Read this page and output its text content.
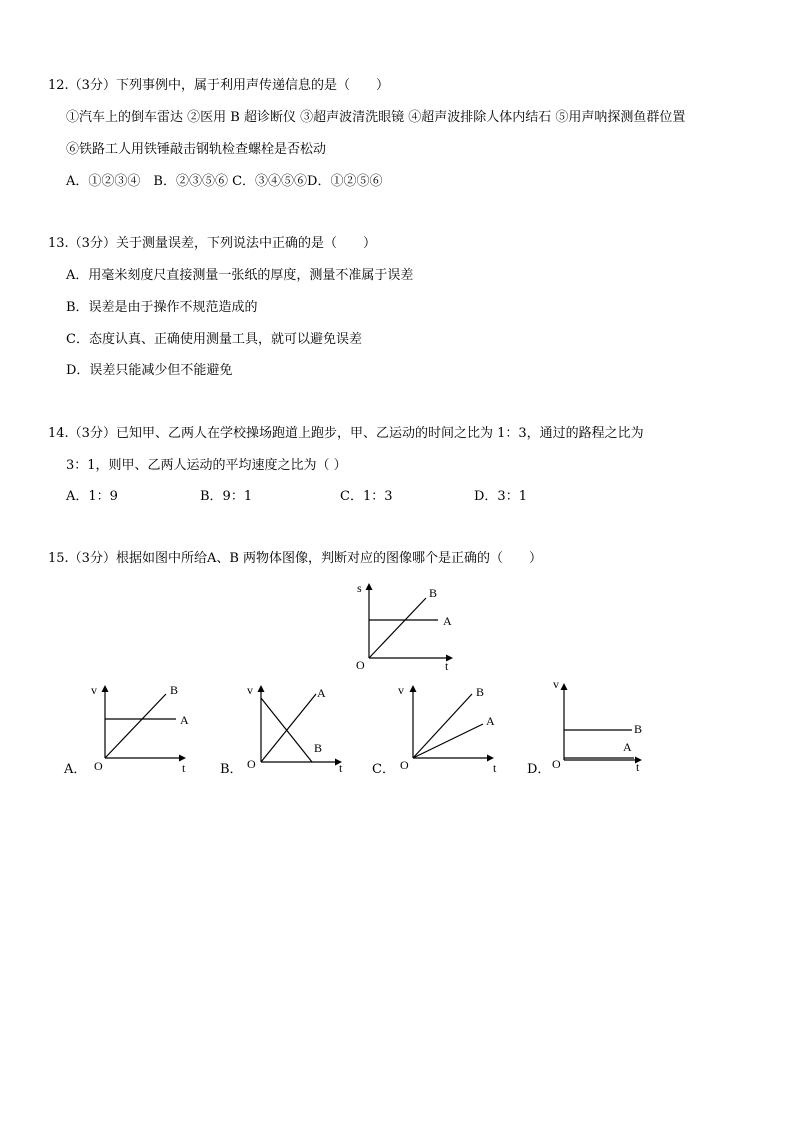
12.（3分）下列事例中，属于利用声传递信息的是（　　）
①汽车上的倒车雷达 ②医用 B 超诊断仪 ③超声波清洗眼镜 ④超声波排除人体内结石 ⑤用声呐探测鱼群位置
⑥铁路工人用铁锤敲击钢轨检查螺栓是否松动
A．①②③④　B．②③⑤⑥ C．③④⑤⑥D．①②⑤⑥
13.（3分）关于测量误差，下列说法中正确的是（　　）
A．用毫米刻度尺直接测量一张纸的厚度，测量不准属于误差
B．误差是由于操作不规范造成的
C．态度认真、正确使用测量工具，就可以避免误差
D．误差只能减少但不能避免
14.（3分）已知甲、乙两人在学校操场跑道上跑步，甲、乙运动的时间之比为 1：3，通过的路程之比为
3：1，则甲、乙两人运动的平均速度之比为（ ）
A．1：9	B．9：1	C．1：3	D．3：1
15.（3分）根据如图中所给A、B 两物体图像，判断对应的图像哪个是正确的（　　）
s	B
A
O	t
A．
v	B
A
O	t	B．
v	A
B
O	t C．
v	B
A
O	t D．
v
B
A
O	t
